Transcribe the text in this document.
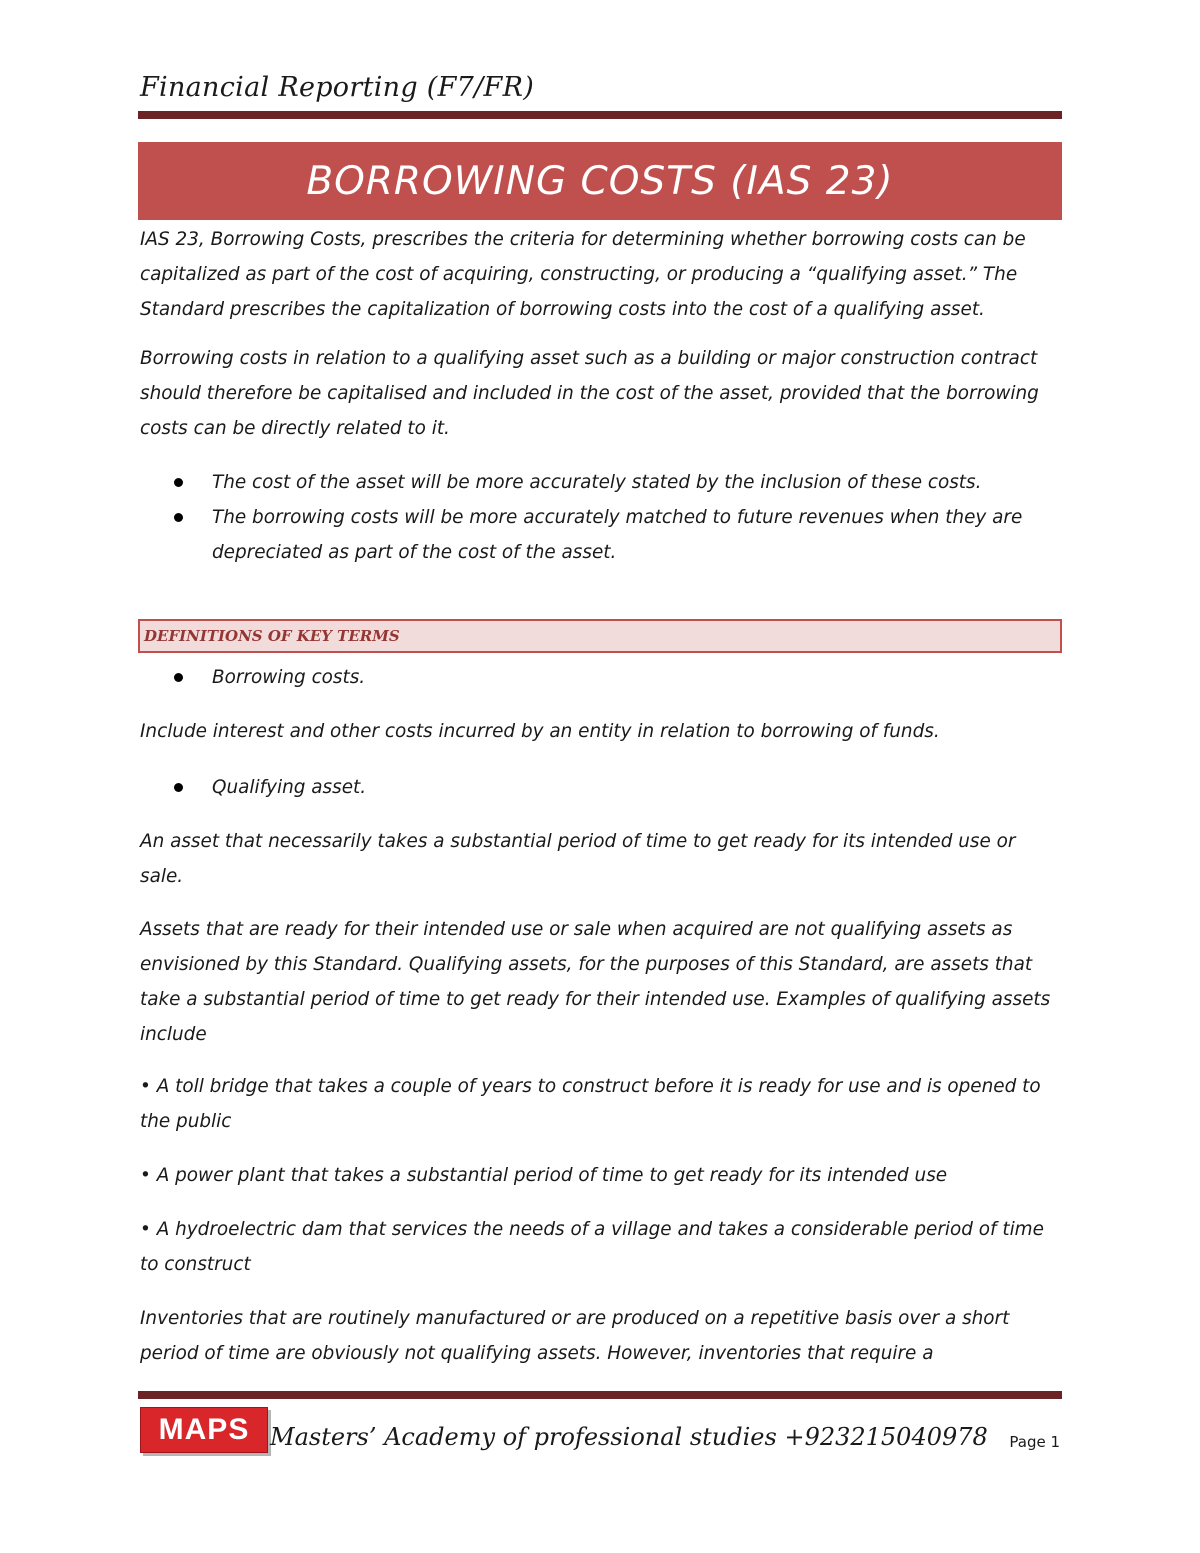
Financial Reporting (F7/FR)
BORROWING COSTS (IAS 23)

IAS 23, Borrowing Costs, prescribes the criteria for determining whether borrowing costs can be capitalized as part of the cost of acquiring, constructing, or producing a “qualifying asset.” The Standard prescribes the capitalization of borrowing costs into the cost of a qualifying asset.

Borrowing costs in relation to a qualifying asset such as a building or major construction contract should therefore be capitalised and included in the cost of the asset, provided that the borrowing costs can be directly related to it.

The cost of the asset will be more accurately stated by the inclusion of these costs.
The borrowing costs will be more accurately matched to future revenues when they are depreciated as part of the cost of the asset.
DEFINITIONS OF KEY TERMS
Borrowing costs.

Include interest and other costs incurred by an entity in relation to borrowing of funds.

Qualifying asset.

An asset that necessarily takes a substantial period of time to get ready for its intended use or sale.

Assets that are ready for their intended use or sale when acquired are not qualifying assets as envisioned by this Standard. Qualifying assets, for the purposes of this Standard, are assets that take a substantial period of time to get ready for their intended use. Examples of qualifying assets include

• A toll bridge that takes a couple of years to construct before it is ready for use and is opened to the public

• A power plant that takes a substantial period of time to get ready for its intended use

• A hydroelectric dam that services the needs of a village and takes a considerable period of time to construct

Inventories that are routinely manufactured or are produced on a repetitive basis over a short period of time are obviously not qualifying assets. However, inventories that require a

MAPS Masters’ Academy of professional studies +923215040978 Page 1
